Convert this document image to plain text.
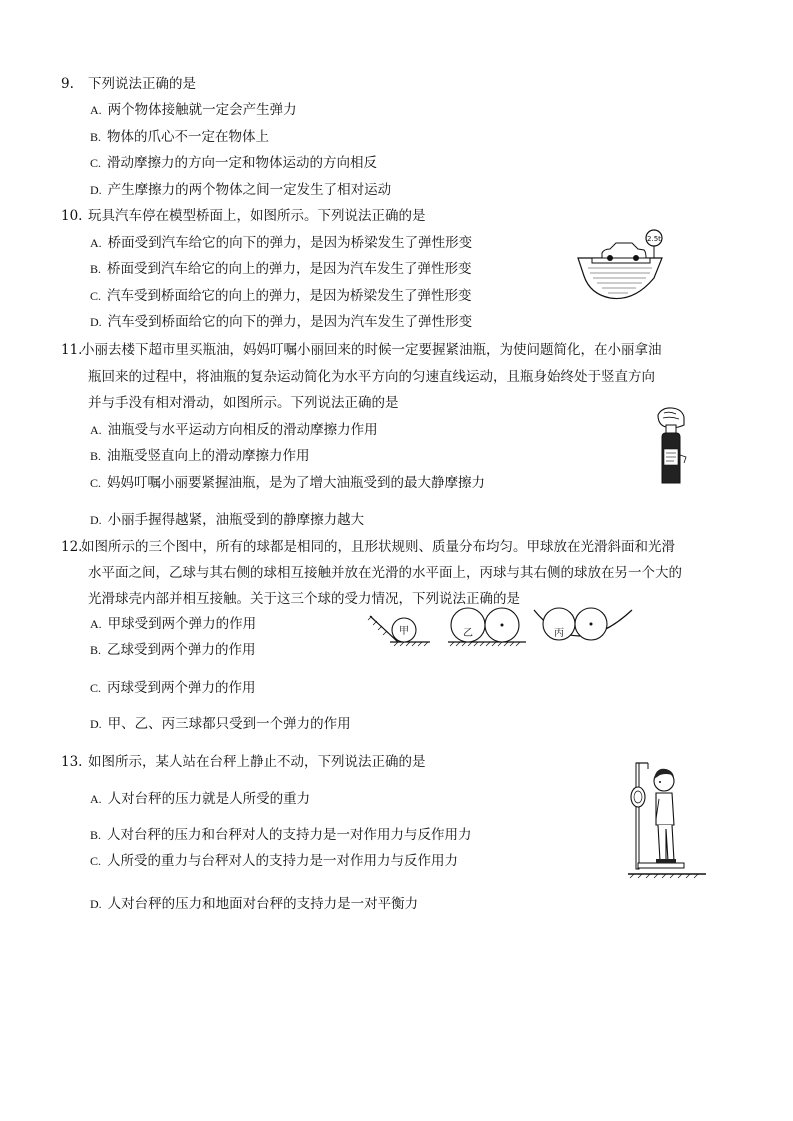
9. 下列说法正确的是
A. 两个物体接触就一定会产生弹力
B. 物体的爪心不一定在物体上
C. 滑动摩擦力的方向一定和物体运动的方向相反
D. 产生摩擦力的两个物体之间一定发生了相对运动
10. 玩具汽车停在模型桥面上，如图所示。下列说法正确的是
A. 桥面受到汽车给它的向下的弹力，是因为桥梁发生了弹性形变
B. 桥面受到汽车给它的向上的弹力，是因为汽车发生了弹性形变
C. 汽车受到桥面给它的向上的弹力，是因为桥梁发生了弹性形变
D. 汽车受到桥面给它的向下的弹力，是因为汽车发生了弹性形变
2.5t
11.
小丽去楼下超市里买瓶油，妈妈叮嘱小丽回来的时候一定要握紧油瓶，为使问题简化，在小丽拿油
瓶回来的过程中，将油瓶的复杂运动简化为水平方向的匀速直线运动，且瓶身始终处于竖直方向
并与手没有相对滑动，如图所示。下列说法正确的是
A. 油瓶受与水平运动方向相反的滑动摩擦力作用
B. 油瓶受竖直向上的滑动摩擦力作用
C. 妈妈叮嘱小丽要紧握油瓶，是为了增大油瓶受到的最大静摩擦力
D. 小丽手握得越紧，油瓶受到的静摩擦力越大
12.
如图所示的三个图中，所有的球都是相同的，且形状规则、质量分布均匀。甲球放在光滑斜面和光滑
水平面之间，乙球与其右侧的球相互接触并放在光滑的水平面上，丙球与其右侧的球放在另一个大的
光滑球壳内部并相互接触。关于这三个球的受力情况，下列说法正确的是
A. 甲球受到两个弹力的作用
B. 乙球受到两个弹力的作用
C. 丙球受到两个弹力的作用
D. 甲、乙、丙三球都只受到一个弹力的作用
甲	乙	丙
13. 如图所示，某人站在台秤上静止不动，下列说法正确的是
A. 人对台秤的压力就是人所受的重力
B. 人对台秤的压力和台秤对人的支持力是一对作用力与反作用力
C. 人所受的重力与台秤对人的支持力是一对作用力与反作用力
D. 人对台秤的压力和地面对台秤的支持力是一对平衡力
